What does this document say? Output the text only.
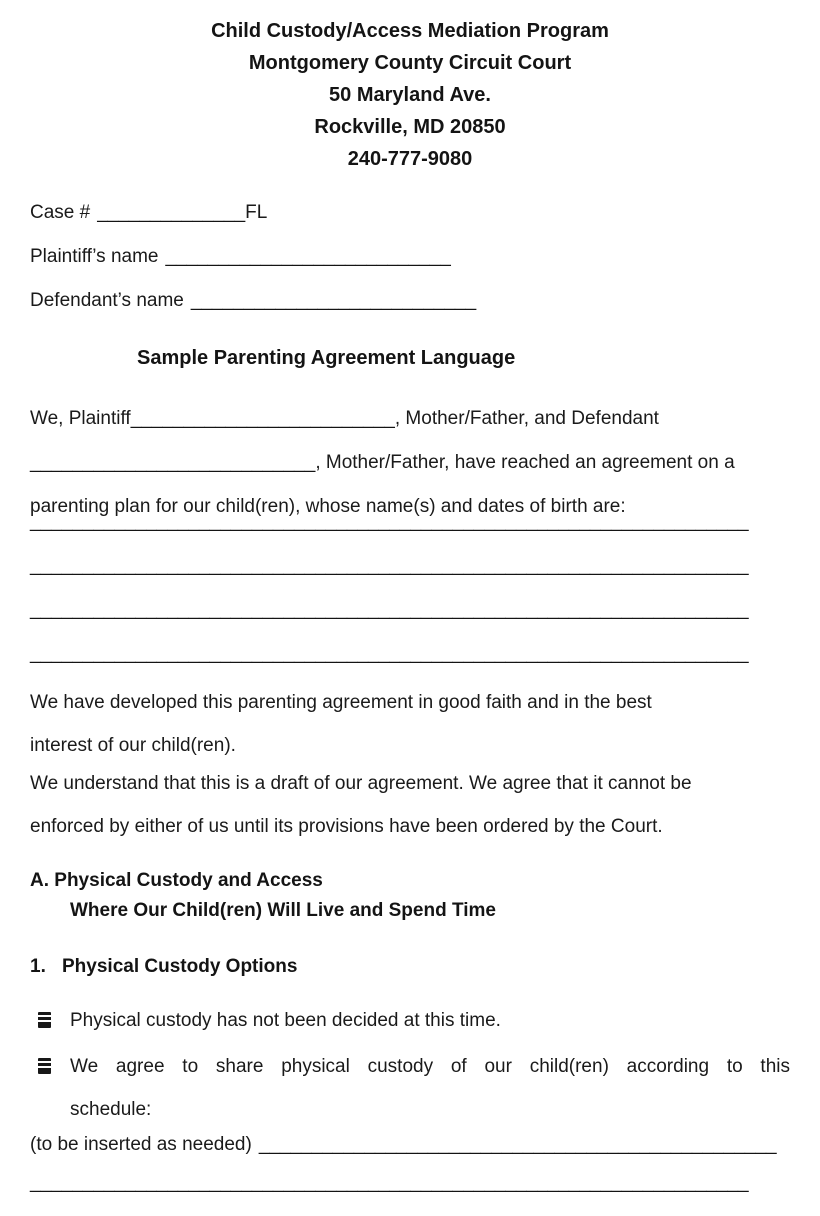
Child Custody/Access Mediation Program
Montgomery County Circuit Court
50 Maryland Ave.
Rockville, MD 20850
240-777-9080
Case # ______________FL
Plaintiff’s name ___________________________
Defendant’s name ___________________________
Sample Parenting Agreement Language
We, Plaintiff_________________________, Mother/Father, and Defendant
___________________________, Mother/Father, have reached an agreement on a
parenting plan for our child(ren), whose name(s) and dates of birth are:
____________________________________________________________________
____________________________________________________________________
____________________________________________________________________
____________________________________________________________________
We have developed this parenting agreement in good faith and in the best
interest of our child(ren).
We understand that this is a draft of our agreement. We agree that it cannot be
enforced by either of us until its provisions have been ordered by the Court.
A. Physical Custody and Access
Where Our Child(ren) Will Live and Spend Time
1. Physical Custody Options
Physical custody has not been decided at this time.
We agree to share physical custody of our child(ren) according to this
schedule:
(to be inserted as needed) _________________________________________________
____________________________________________________________________
